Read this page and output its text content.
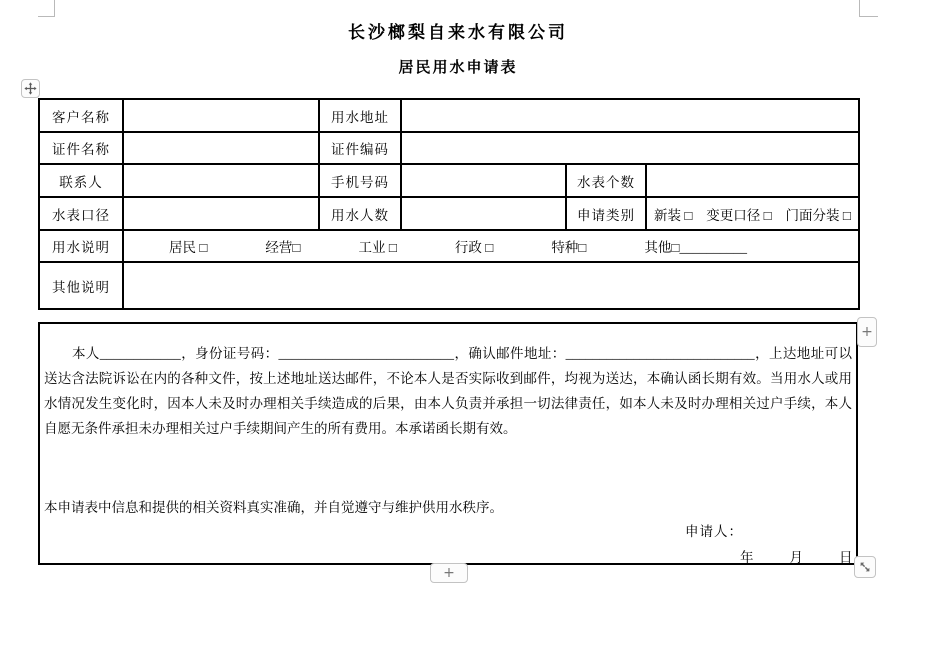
长沙榔梨自来水有限公司
居民用水申请表
客户名称		用水地址			
证件名称		证件编码			
联系人		手机号码		水表个数	
水表口径		用水人数		申请类别	新装 □ 变更口径 □ 门面分装 □

用水说明	居民 □	经营□	工业 □	行政 □	特种□	其他□__________

其他说明					

本人____________，身份证号码：__________________________，确认邮件地址：____________________________，上达地址可以送达含法院诉讼在内的各种文件，按上述地址送达邮件，不论本人是否实际收到邮件，均视为送达，本确认函长期有效。当用水人或用水情况发生变化时，因本人未及时办理相关手续造成的后果，由本人负责并承担一切法律责任，如本人未及时办理相关过户手续，本人自愿无条件承担未办理相关过户手续期间产生的所有费用。本承诺函长期有效。

本申请表中信息和提供的相关资料真实准确，并自觉遵守与维护供用水秩序。

申请人：
年	月	日
+
+
